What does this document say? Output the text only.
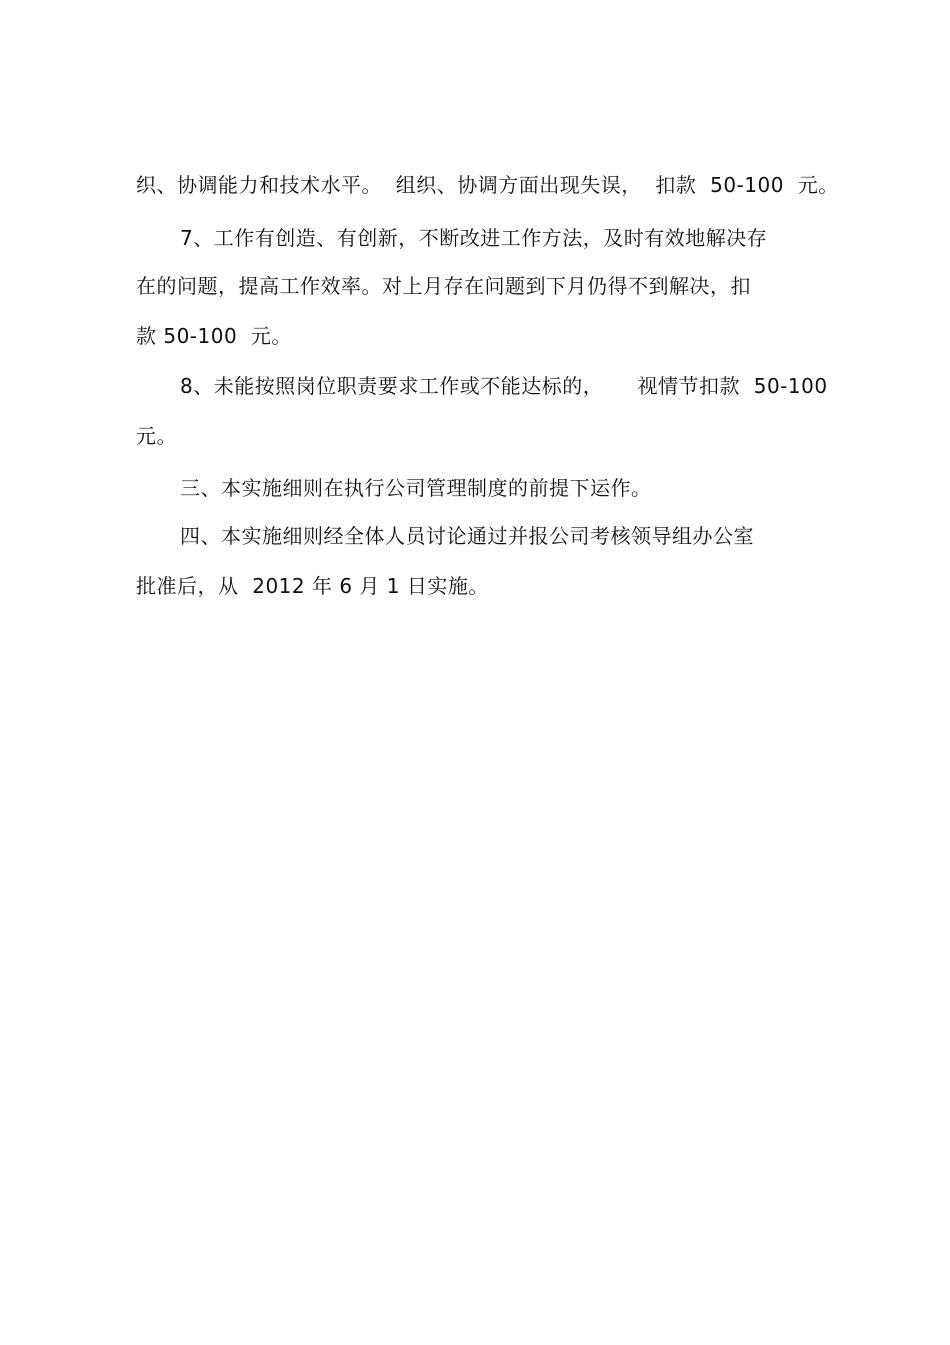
织、协调能力和技术水平。  组织、协调方面出现失误，  扣款  50-100  元。
7、工作有创造、有创新，不断改进工作方法，及时有效地解决存
在的问题，提高工作效率。对上月存在问题到下月仍得不到解决，扣
款 50-100  元。
8、未能按照岗位职责要求工作或不能达标的，     视情节扣款  50-100
元。
三、本实施细则在执行公司管理制度的前提下运作。
四、本实施细则经全体人员讨论通过并报公司考核领导组办公室
批准后，从  2012 年 6 月 1 日实施。
